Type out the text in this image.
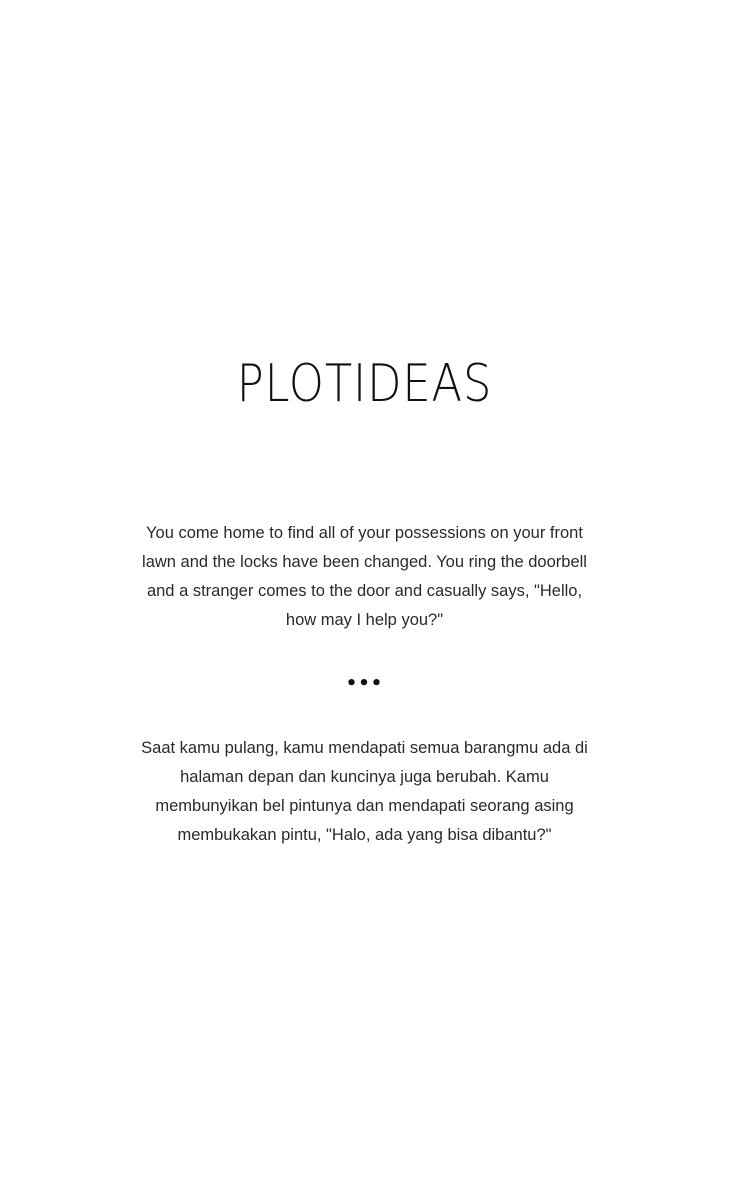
PLOTIDEAS

You come home to find all of your possessions on your front lawn and the locks have been changed. You ring the doorbell and a stranger comes to the door and casually says, "Hello, how may I help you?"

•••

Saat kamu pulang, kamu mendapati semua barangmu ada di halaman depan dan kuncinya juga berubah. Kamu membunyikan bel pintunya dan mendapati seorang asing membukakan pintu, "Halo, ada yang bisa dibantu?"
